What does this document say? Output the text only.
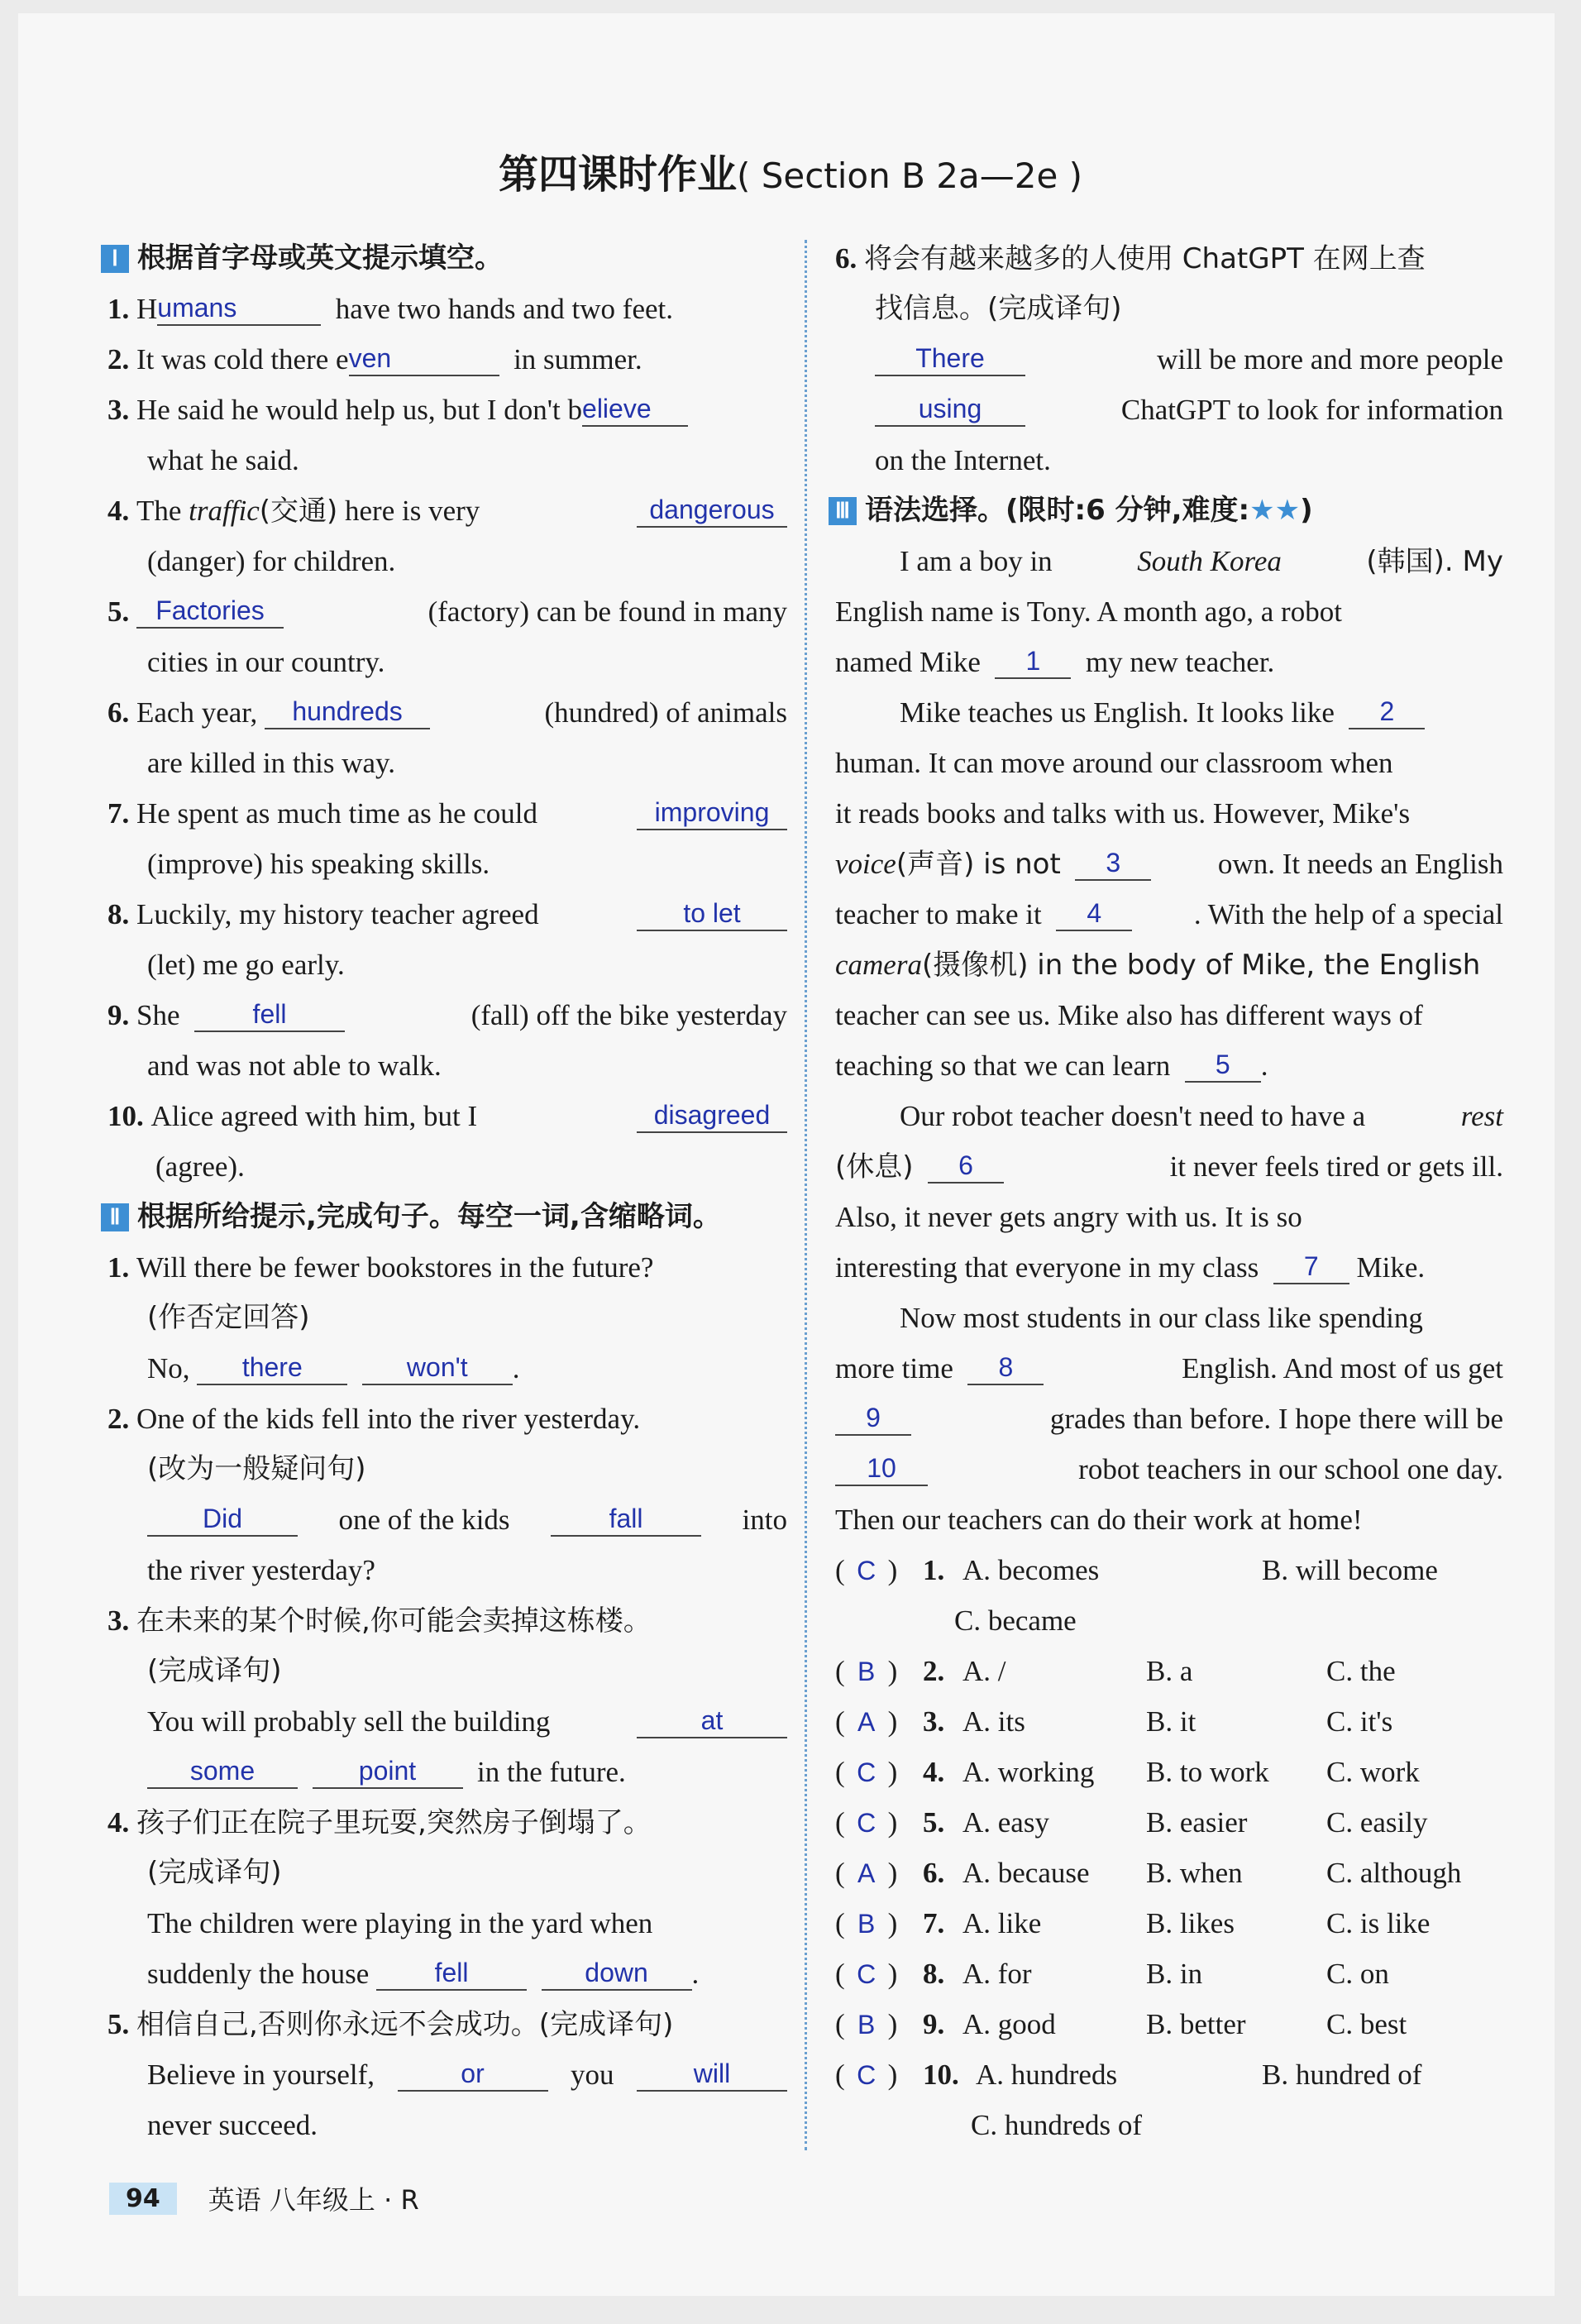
第四课时作业( Section B 2a—2e )
Ⅰ 根据首字母或英文提示填空。
1.
H umans
	have two hands and two feet.
2.
It was cold there e ven
	in summer.
3.
He said he would help us, but I don't b elieve
what he said.
4. The traffic(交通) here is very	dangerous
(danger) for children.
5. Factories	(factory) can be found in many
cities in our country.
6. Each year, hundreds	(hundred) of animals
are killed in this way.
7. He spent as much time as he could	improving
(improve) his speaking skills.
8. Luckily, my history teacher agreed	to let
(let) me go early.
9. She	fell	(fall) off the bike yesterday
and was not able to walk.
10. Alice agreed with him, but I	disagreed
(agree).
Ⅱ 根据所给提示,完成句子。每空一词,含缩略词。
1.
Will there be fewer bookstores in the future?
(作否定回答)
No,
	there
	won't	.
2.
One of the kids fell into the river yesterday.
(改为一般疑问句)
Did	one of the kids	fall	into
the river yesterday?
3.
在未来的某个时候,你可能会卖掉这栋楼。
(完成译句)
You will probably sell the building	at
some
	point
	in the future.
4.
孩子们正在院子里玩耍,突然房子倒塌了。
(完成译句)
The children were playing in the yard when
suddenly the house
	fell
	down	.
5.
相信自己,否则你永远不会成功。(完成译句)
Believe in yourself,	or	you	will
never succeed.
6.
将会有越来越多的人使用 ChatGPT 在网上查
找信息。(完成译句)
There	will be more and more people
using	ChatGPT to look for information
on the Internet.
Ⅲ 语法选择。(限时:6 分钟,难度: ★★ )
I am a boy in	South Korea	(韩国). My
English name is Tony. A month ago, a robot
named Mike
	1
	my new teacher.
Mike teaches us English. It looks like
	2
human. It can move around our classroom when
it reads books and talks with us. However, Mike's
voice(声音) is not 3	own. It needs an English
teacher to make it 4	. With the help of a special
camera (摄像机) in the body of Mike, the English
teacher can see us. Mike also has different ways of
teaching so that we can learn
	5	.
Our robot teacher doesn't need to have a	rest
(休息) 6	it never feels tired or gets ill.
Also, it never gets angry with us. It is so
interesting that everyone in my class
	7
	Mike.
Now most students in our class like spending
more time 8	English. And most of us get
9	grades than before. I hope there will be
10	robot teachers in our school one day.
Then our teachers can do their work at home!
( C ) 1. A. becomes	B. will become
C. became
( B ) 2. A. /	B. a	C. the
( A ) 3. A. its	B. it	C. it's
( C ) 4. A. working	B. to work	C. work
( C ) 5. A. easy	B. easier	C. easily
( A ) 6. A. because	B. when	C. although
( B ) 7. A. like	B. likes	C. is like
( C ) 8. A. for	B. in	C. on
( B ) 9. A. good	B. better	C. best
( C ) 10. A. hundreds	B. hundred of
C. hundreds of
94	英语 八年级上 · R
